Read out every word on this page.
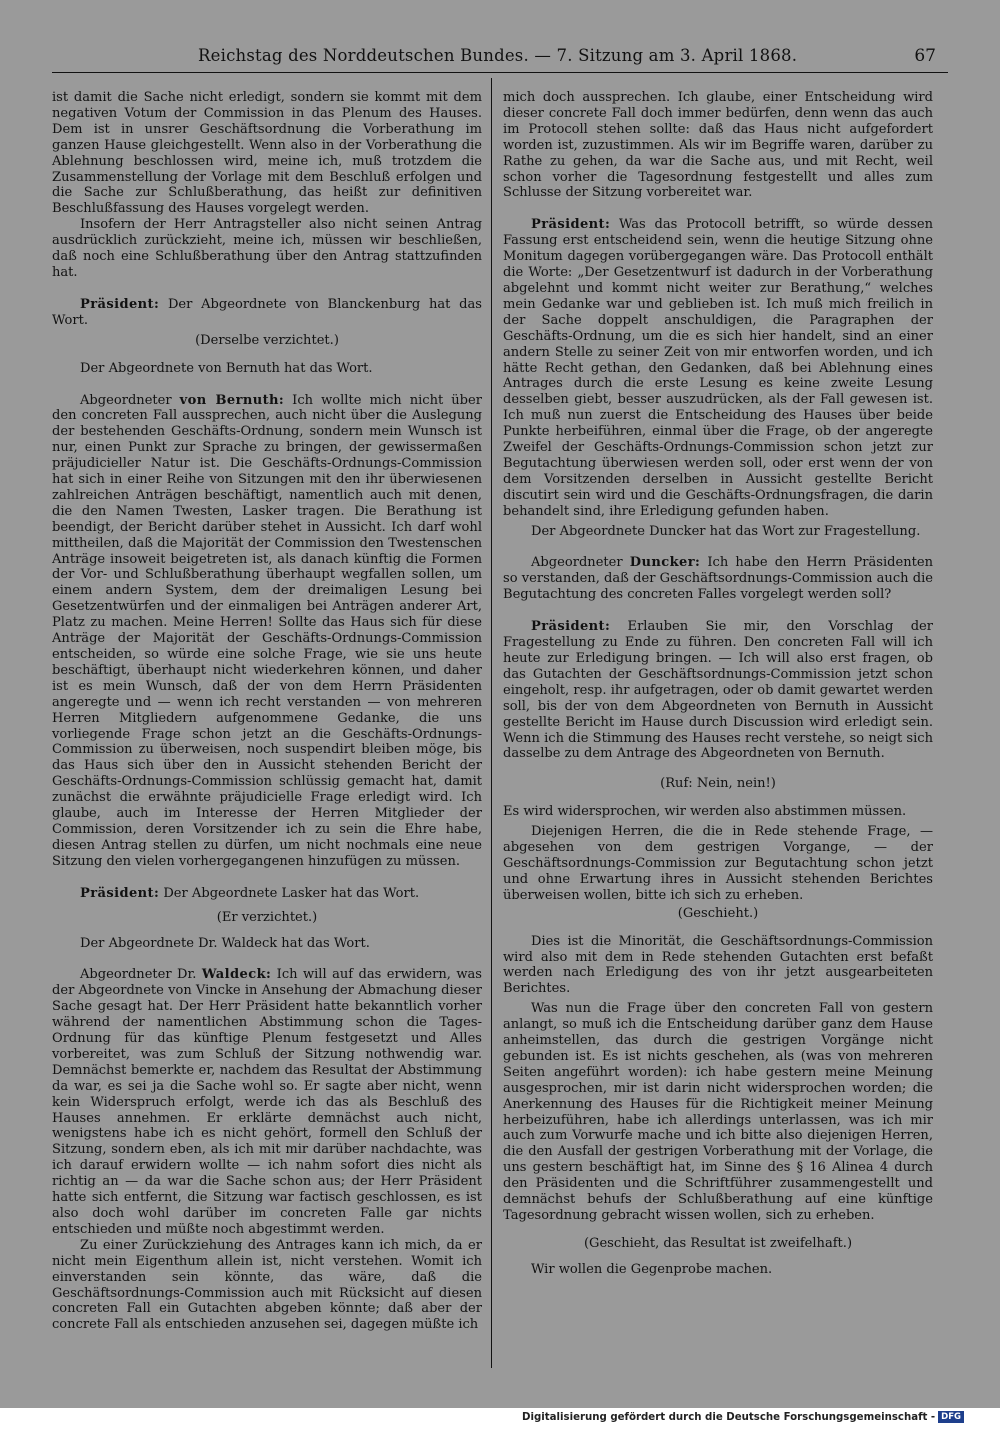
Reichstag des Norddeutschen Bundes. — 7. Sitzung am 3. April 1868.	67

ist damit die Sache nicht erledigt, sondern sie kommt mit dem negativen Votum der Commission in das Plenum des Hauses. Dem ist in unsrer Geschäftsordnung die Vorberathung im ganzen Hause gleichgestellt. Wenn also in der Vorberathung die Ablehnung beschlossen wird, meine ich, muß trotzdem die Zusammenstellung der Vorlage mit dem Beschluß erfolgen und die Sache zur Schlußberathung, das heißt zur definitiven Beschlußfassung des Hauses vorgelegt werden.

Insofern der Herr Antragsteller also nicht seinen Antrag ausdrücklich zurückzieht, meine ich, müssen wir beschließen, daß noch eine Schlußberathung über den Antrag stattzufinden hat.

Präsident: Der Abgeordnete von Blanckenburg hat das Wort.

(Derselbe verzichtet.)

Der Abgeordnete von Bernuth hat das Wort.

Abgeordneter von Bernuth: Ich wollte mich nicht über den concreten Fall aussprechen, auch nicht über die Auslegung der bestehenden Geschäfts-Ordnung, sondern mein Wunsch ist nur, einen Punkt zur Sprache zu bringen, der gewissermaßen präjudicieller Natur ist. Die Geschäfts-Ordnungs-Commission hat sich in einer Reihe von Sitzungen mit den ihr überwiesenen zahlreichen Anträgen beschäftigt, namentlich auch mit denen, die den Namen Twesten, Lasker tragen. Die Berathung ist beendigt, der Bericht darüber stehet in Aussicht. Ich darf wohl mittheilen, daß die Majorität der Commission den Twestenschen Anträge insoweit beigetreten ist, als danach künftig die Formen der Vor- und Schlußberathung überhaupt wegfallen sollen, um einem andern System, dem der dreimaligen Lesung bei Gesetzentwürfen und der einmaligen bei Anträgen anderer Art, Platz zu machen. Meine Herren! Sollte das Haus sich für diese Anträge der Majorität der Geschäfts-Ordnungs-Commission entscheiden, so würde eine solche Frage, wie sie uns heute beschäftigt, überhaupt nicht wiederkehren können, und daher ist es mein Wunsch, daß der von dem Herrn Präsidenten angeregte und — wenn ich recht verstanden — von mehreren Herren Mitgliedern aufgenommene Gedanke, die uns vorliegende Frage schon jetzt an die Geschäfts-Ordnungs-Commission zu überweisen, noch suspendirt bleiben möge, bis das Haus sich über den in Aussicht stehenden Bericht der Geschäfts-Ordnungs-Commission schlüssig gemacht hat, damit zunächst die erwähnte präjudicielle Frage erledigt wird. Ich glaube, auch im Interesse der Herren Mitglieder der Commission, deren Vorsitzender ich zu sein die Ehre habe, diesen Antrag stellen zu dürfen, um nicht nochmals eine neue Sitzung den vielen vorhergegangenen hinzufügen zu müssen.

Präsident: Der Abgeordnete Lasker hat das Wort.

(Er verzichtet.)

Der Abgeordnete Dr. Waldeck hat das Wort.

Abgeordneter Dr. Waldeck: Ich will auf das erwidern, was der Abgeordnete von Vincke in Ansehung der Abmachung dieser Sache gesagt hat. Der Herr Präsident hatte bekanntlich vorher während der namentlichen Abstimmung schon die Tages-Ordnung für das künftige Plenum festgesetzt und Alles vorbereitet, was zum Schluß der Sitzung nothwendig war. Demnächst bemerkte er, nachdem das Resultat der Abstimmung da war, es sei ja die Sache wohl so. Er sagte aber nicht, wenn kein Widerspruch erfolgt, werde ich das als Beschluß des Hauses annehmen. Er erklärte demnächst auch nicht, wenigstens habe ich es nicht gehört, formell den Schluß der Sitzung, sondern eben, als ich mit mir darüber nachdachte, was ich darauf erwidern wollte — ich nahm sofort dies nicht als richtig an — da war die Sache schon aus; der Herr Präsident hatte sich entfernt, die Sitzung war factisch geschlossen, es ist also doch wohl darüber im concreten Falle gar nichts entschieden und müßte noch abgestimmt werden.

Zu einer Zurückziehung des Antrages kann ich mich, da er nicht mein Eigenthum allein ist, nicht verstehen. Womit ich einverstanden sein könnte, das wäre, daß die Geschäftsordnungs-Commission auch mit Rücksicht auf diesen concreten Fall ein Gutachten abgeben könnte; daß aber der concrete Fall als entschieden anzusehen sei, dagegen müßte ich

mich doch aussprechen. Ich glaube, einer Entscheidung wird dieser concrete Fall doch immer bedürfen, denn wenn das auch im Protocoll stehen sollte: daß das Haus nicht aufgefordert worden ist, zuzustimmen. Als wir im Begriffe waren, darüber zu Rathe zu gehen, da war die Sache aus, und mit Recht, weil schon vorher die Tagesordnung festgestellt und alles zum Schlusse der Sitzung vorbereitet war.

Präsident: Was das Protocoll betrifft, so würde dessen Fassung erst entscheidend sein, wenn die heutige Sitzung ohne Monitum dagegen vorübergegangen wäre. Das Protocoll enthält die Worte: „Der Gesetzentwurf ist dadurch in der Vorberathung abgelehnt und kommt nicht weiter zur Berathung,“ welches mein Gedanke war und geblieben ist. Ich muß mich freilich in der Sache doppelt anschuldigen, die Paragraphen der Geschäfts-Ordnung, um die es sich hier handelt, sind an einer andern Stelle zu seiner Zeit von mir entworfen worden, und ich hätte Recht gethan, den Gedanken, daß bei Ablehnung eines Antrages durch die erste Lesung es keine zweite Lesung desselben giebt, besser auszudrücken, als der Fall gewesen ist. Ich muß nun zuerst die Entscheidung des Hauses über beide Punkte herbeiführen, einmal über die Frage, ob der angeregte Zweifel der Geschäfts-Ordnungs-Commission schon jetzt zur Begutachtung überwiesen werden soll, oder erst wenn der von dem Vorsitzenden derselben in Aussicht gestellte Bericht discutirt sein wird und die Geschäfts-Ordnungsfragen, die darin behandelt sind, ihre Erledigung gefunden haben.

Der Abgeordnete Duncker hat das Wort zur Fragestellung.

Abgeordneter Duncker: Ich habe den Herrn Präsidenten so verstanden, daß der Geschäftsordnungs-Commission auch die Begutachtung des concreten Falles vorgelegt werden soll?

Präsident: Erlauben Sie mir, den Vorschlag der Fragestellung zu Ende zu führen. Den concreten Fall will ich heute zur Erledigung bringen. — Ich will also erst fragen, ob das Gutachten der Geschäftsordnungs-Commission jetzt schon eingeholt, resp. ihr aufgetragen, oder ob damit gewartet werden soll, bis der von dem Abgeordneten von Bernuth in Aussicht gestellte Bericht im Hause durch Discussion wird erledigt sein. Wenn ich die Stimmung des Hauses recht verstehe, so neigt sich dasselbe zu dem Antrage des Abgeordneten von Bernuth.

(Ruf: Nein, nein!)

Es wird widersprochen, wir werden also abstimmen müssen.

Diejenigen Herren, die die in Rede stehende Frage, — abgesehen von dem gestrigen Vorgange, — der Geschäftsordnungs-Commission zur Begutachtung schon jetzt und ohne Erwartung ihres in Aussicht stehenden Berichtes überweisen wollen, bitte ich sich zu erheben.

(Geschieht.)

Dies ist die Minorität, die Geschäftsordnungs-Commission wird also mit dem in Rede stehenden Gutachten erst befaßt werden nach Erledigung des von ihr jetzt ausgearbeiteten Berichtes.

Was nun die Frage über den concreten Fall von gestern anlangt, so muß ich die Entscheidung darüber ganz dem Hause anheimstellen, das durch die gestrigen Vorgänge nicht gebunden ist. Es ist nichts geschehen, als (was von mehreren Seiten angeführt worden): ich habe gestern meine Meinung ausgesprochen, mir ist darin nicht widersprochen worden; die Anerkennung des Hauses für die Richtigkeit meiner Meinung herbeizuführen, habe ich allerdings unterlassen, was ich mir auch zum Vorwurfe mache und ich bitte also diejenigen Herren, die den Ausfall der gestrigen Vorberathung mit der Vorlage, die uns gestern beschäftigt hat, im Sinne des § 16 Alinea 4 durch den Präsidenten und die Schriftführer zusammengestellt und demnächst behufs der Schlußberathung auf eine künftige Tagesordnung gebracht wissen wollen, sich zu erheben.

(Geschieht, das Resultat ist zweifelhaft.)

Wir wollen die Gegenprobe machen.

Digitalisierung gefördert durch die Deutsche Forschungsgemeinschaft - DFG
